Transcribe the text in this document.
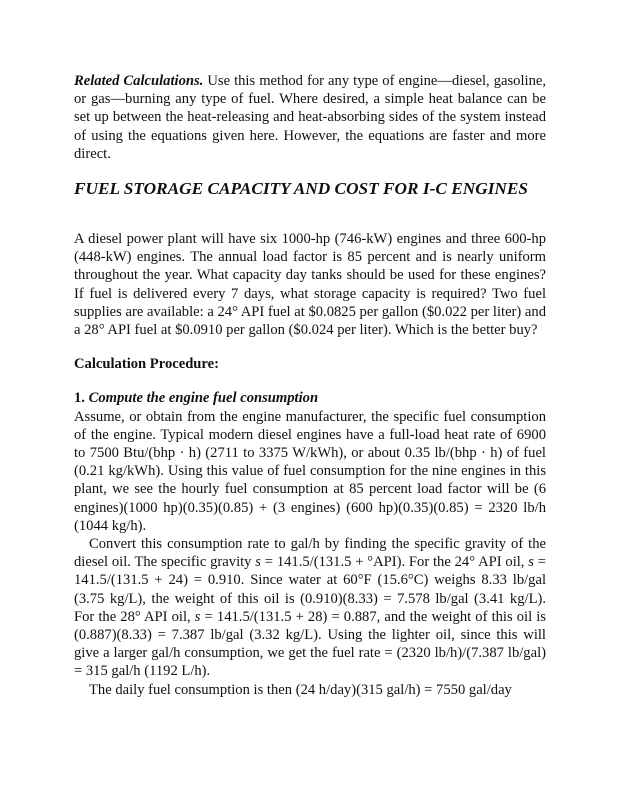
Related Calculations. Use this method for any type of engine—diesel, gasoline, or gas—burning any type of fuel. Where desired, a simple heat balance can be set up between the heat-releasing and heat-absorbing sides of the system instead of using the equations given here. However, the equations are faster and more direct.

FUEL STORAGE CAPACITY AND COST FOR I-C ENGINES

A diesel power plant will have six 1000-hp (746-kW) engines and three 600-hp (448-kW) engines. The annual load factor is 85 percent and is nearly uniform throughout the year. What capacity day tanks should be used for these engines? If fuel is delivered every 7 days, what storage capacity is required? Two fuel supplies are available: a 24° API fuel at $0.0825 per gallon ($0.022 per liter) and a 28° API fuel at $0.0910 per gallon ($0.024 per liter). Which is the better buy?

Calculation Procedure:

1. Compute the engine fuel consumption

Assume, or obtain from the engine manufacturer, the specific fuel consumption of the engine. Typical modern diesel engines have a full-load heat rate of 6900 to 7500 Btu/(bhp · h) (2711 to 3375 W/kWh), or about 0.35 lb/(bhp · h) of fuel (0.21 kg/kWh). Using this value of fuel consumption for the nine engines in this plant, we see the hourly fuel consumption at 85 percent load factor will be (6 engines)(1000 hp)(0.35)(0.85) + (3 engines) (600 hp)(0.35)(0.85) = 2320 lb/h (1044 kg/h).

Convert this consumption rate to gal/h by finding the specific gravity of the diesel oil. The specific gravity s = 141.5/(131.5 + °API). For the 24° API oil, s = 141.5/(131.5 + 24) = 0.910. Since water at 60°F (15.6°C) weighs 8.33 lb/gal (3.75 kg/L), the weight of this oil is (0.910)(8.33) = 7.578 lb/gal (3.41 kg/L). For the 28° API oil, s = 141.5/(131.5 + 28) = 0.887, and the weight of this oil is (0.887)(8.33) = 7.387 lb/gal (3.32 kg/L). Using the lighter oil, since this will give a larger gal/h consumption, we get the fuel rate = (2320 lb/h)/(7.387 lb/gal) = 315 gal/h (1192 L/h).

The daily fuel consumption is then (24 h/day)(315 gal/h) = 7550 gal/day
